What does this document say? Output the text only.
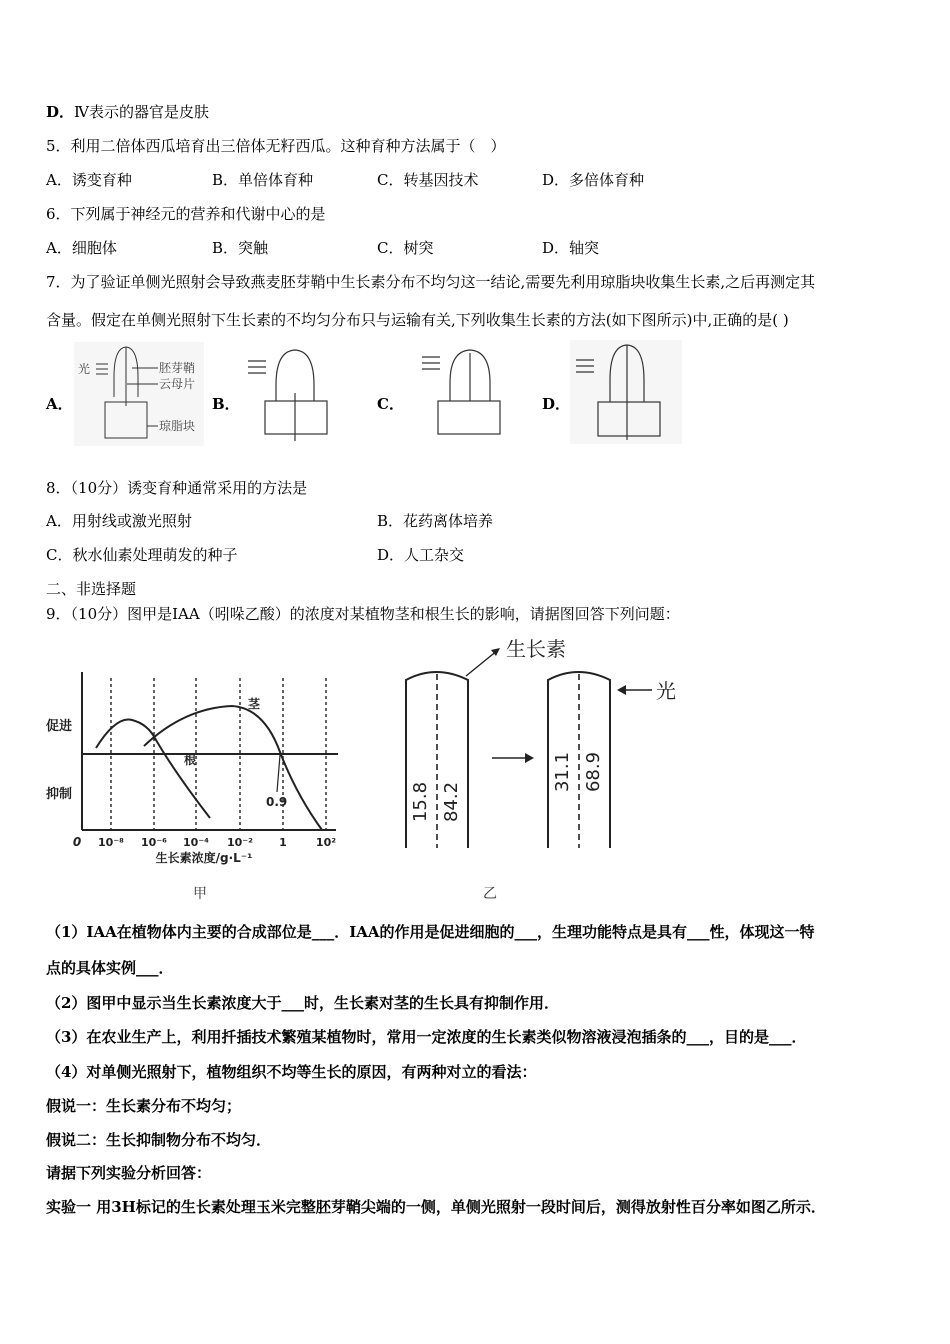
D．Ⅳ表示的器官是皮肤
5．利用二倍体西瓜培育出三倍体无籽西瓜。这种育种方法属于（　）
A．诱变育种	B．单倍体育种	C．转基因技术	D．多倍体育种
6．下列属于神经元的营养和代谢中心的是
A．细胞体	B．突触	C．树突	D．轴突
7．为了验证单侧光照射会导致燕麦胚芽鞘中生长素分布不均匀这一结论,需要先利用琼脂块收集生长素,之后再测定其
含量。假定在单侧光照射下生长素的不均匀分布只与运输有关,下列收集生长素的方法(如下图所示)中,正确的是( )
A．	B．	C．	D．
光	胚芽鞘
云母片
琼脂块
8．（10分）诱变育种通常采用的方法是
A．用射线或激光照射	B．花药离体培养
C．秋水仙素处理萌发的种子	D．人工杂交
二、非选择题
9．（10分）图甲是IAA（吲哚乙酸）的浓度对某植物茎和根生长的影响，请据图回答下列问题：
促进
抑制
茎
根
0.9
0 10⁻⁸ 10⁻⁶ 10⁻⁴ 10⁻² 1	10²
生长素浓度/g·L⁻¹
甲
生长素
光
15.8 84.2
31.1 68.9
乙
（1）IAA在植物体内主要的合成部位是___．IAA的作用是促进细胞的___，生理功能特点是具有___性，体现这一特
点的具体实例___．
（2）图甲中显示当生长素浓度大于___时，生长素对茎的生长具有抑制作用．
（3）在农业生产上，利用扦插技术繁殖某植物时，常用一定浓度的生长素类似物溶液浸泡插条的___，目的是___．
（4）对单侧光照射下，植物组织不均等生长的原因，有两种对立的看法：
假说一：生长素分布不均匀；
假说二：生长抑制物分布不均匀．
请据下列实验分析回答：
实验一 用3H标记的生长素处理玉米完整胚芽鞘尖端的一侧，单侧光照射一段时间后，测得放射性百分率如图乙所示．
